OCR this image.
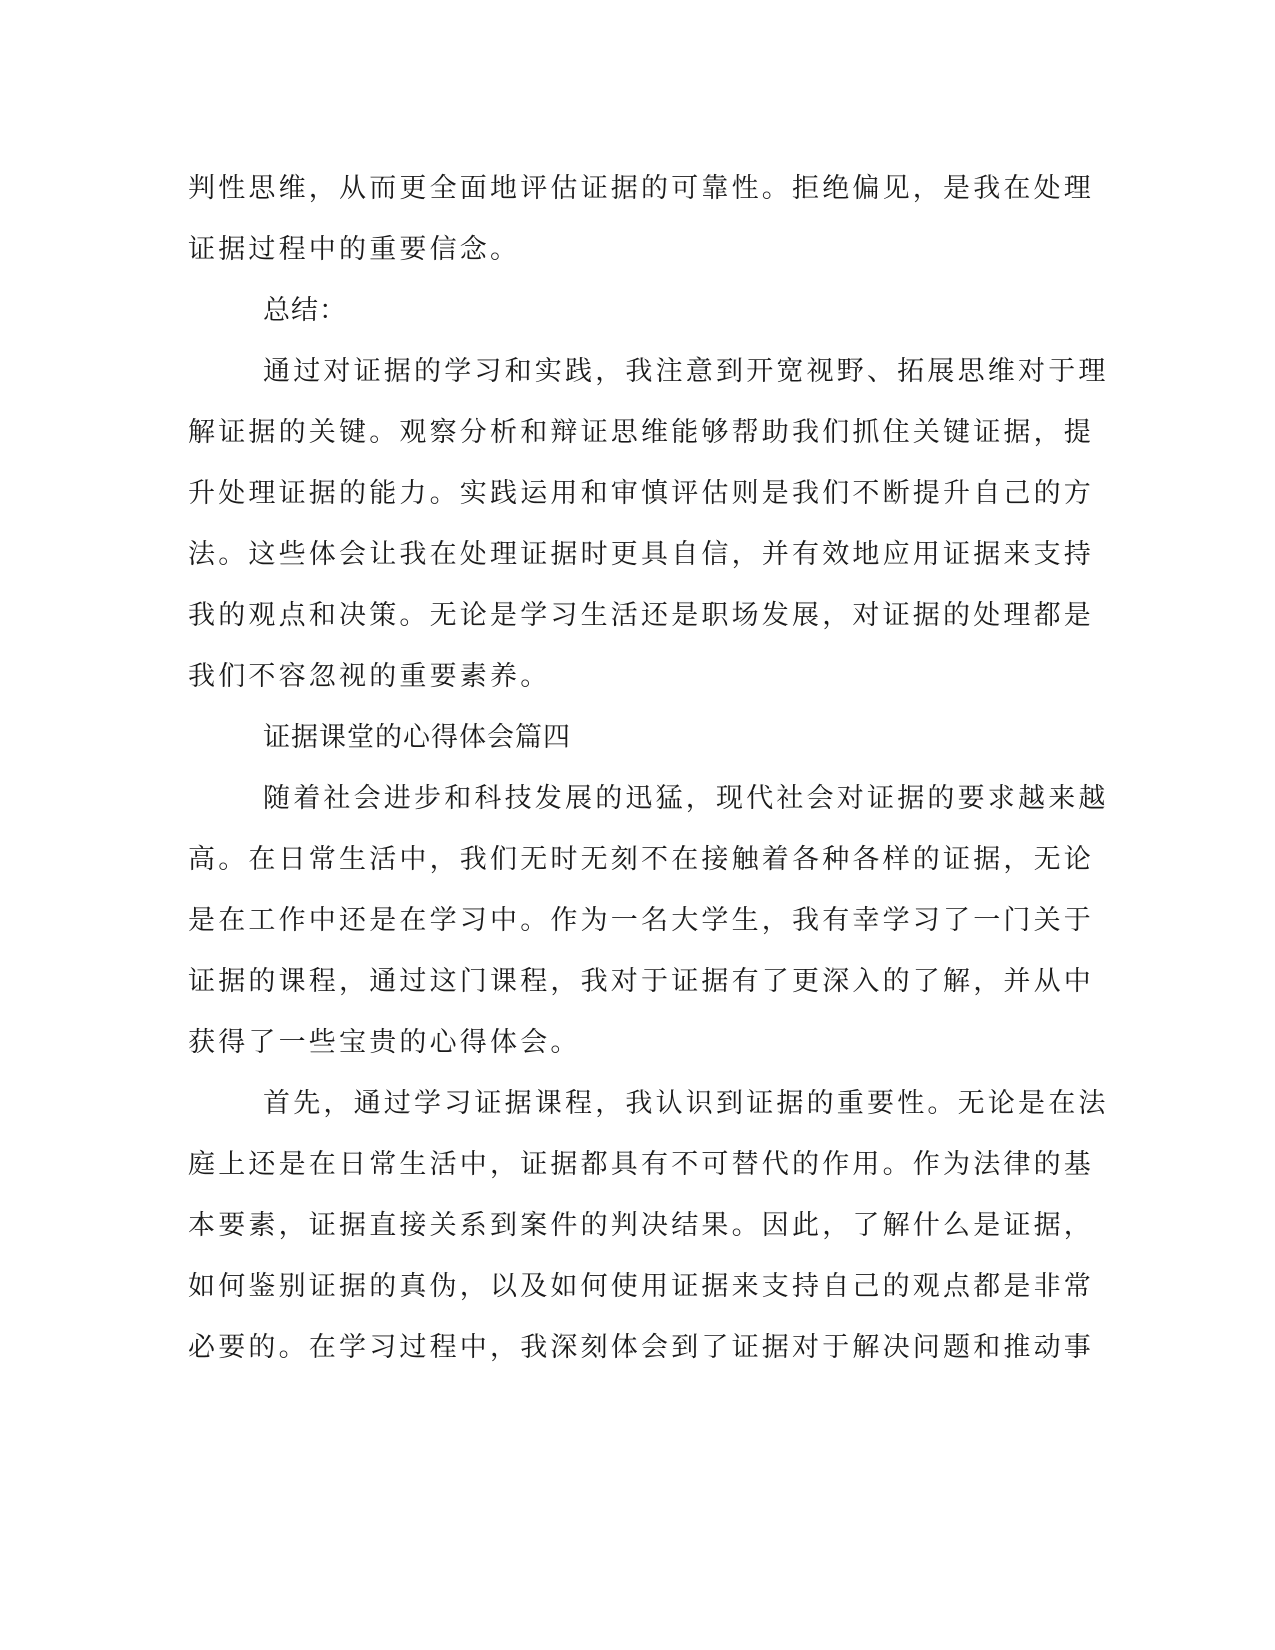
判性思维，从而更全面地评估证据的可靠性。拒绝偏见，是我在处理
证据过程中的重要信念。
总结：
通过对证据的学习和实践，我注意到开宽视野、拓展思维对于理
解证据的关键。观察分析和辩证思维能够帮助我们抓住关键证据，提
升处理证据的能力。实践运用和审慎评估则是我们不断提升自己的方
法。这些体会让我在处理证据时更具自信，并有效地应用证据来支持
我的观点和决策。无论是学习生活还是职场发展，对证据的处理都是
我们不容忽视的重要素养。
证据课堂的心得体会篇四
随着社会进步和科技发展的迅猛，现代社会对证据的要求越来越
高。在日常生活中，我们无时无刻不在接触着各种各样的证据，无论
是在工作中还是在学习中。作为一名大学生，我有幸学习了一门关于
证据的课程，通过这门课程，我对于证据有了更深入的了解，并从中
获得了一些宝贵的心得体会。
首先，通过学习证据课程，我认识到证据的重要性。无论是在法
庭上还是在日常生活中，证据都具有不可替代的作用。作为法律的基
本要素，证据直接关系到案件的判决结果。因此，了解什么是证据，
如何鉴别证据的真伪，以及如何使用证据来支持自己的观点都是非常
必要的。在学习过程中，我深刻体会到了证据对于解决问题和推动事
